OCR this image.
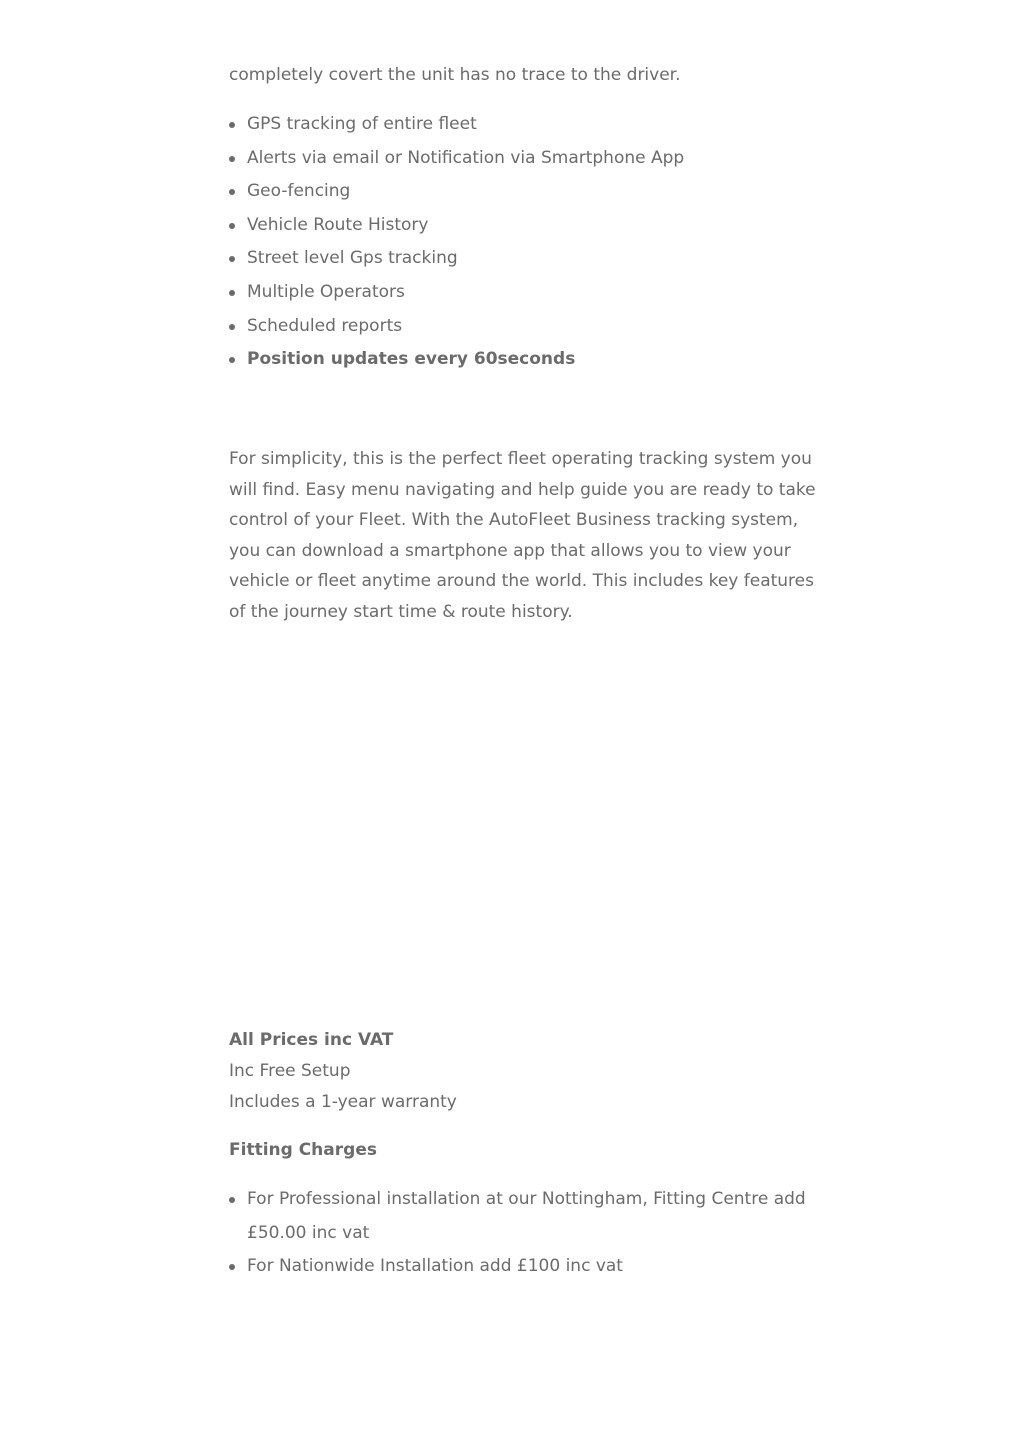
completely covert the unit has no trace to the driver.
GPS tracking of entire fleet
Alerts via email or Notification via Smartphone App
Geo-fencing
Vehicle Route History
Street level Gps tracking
Multiple Operators
Scheduled reports
Position updates every 60seconds

For simplicity, this is the perfect fleet operating tracking system you will find. Easy menu navigating and help guide you are ready to take control of your Fleet. With the AutoFleet Business tracking system, you can download a smartphone app that allows you to view your vehicle or fleet anytime around the world. This includes key features of the journey start time & route history.

All Prices inc VAT
Inc Free Setup
Includes a 1-year warranty
Fitting Charges
For Professional installation at our Nottingham, Fitting Centre add £50.00 inc vat
For Nationwide Installation add £100 inc vat
